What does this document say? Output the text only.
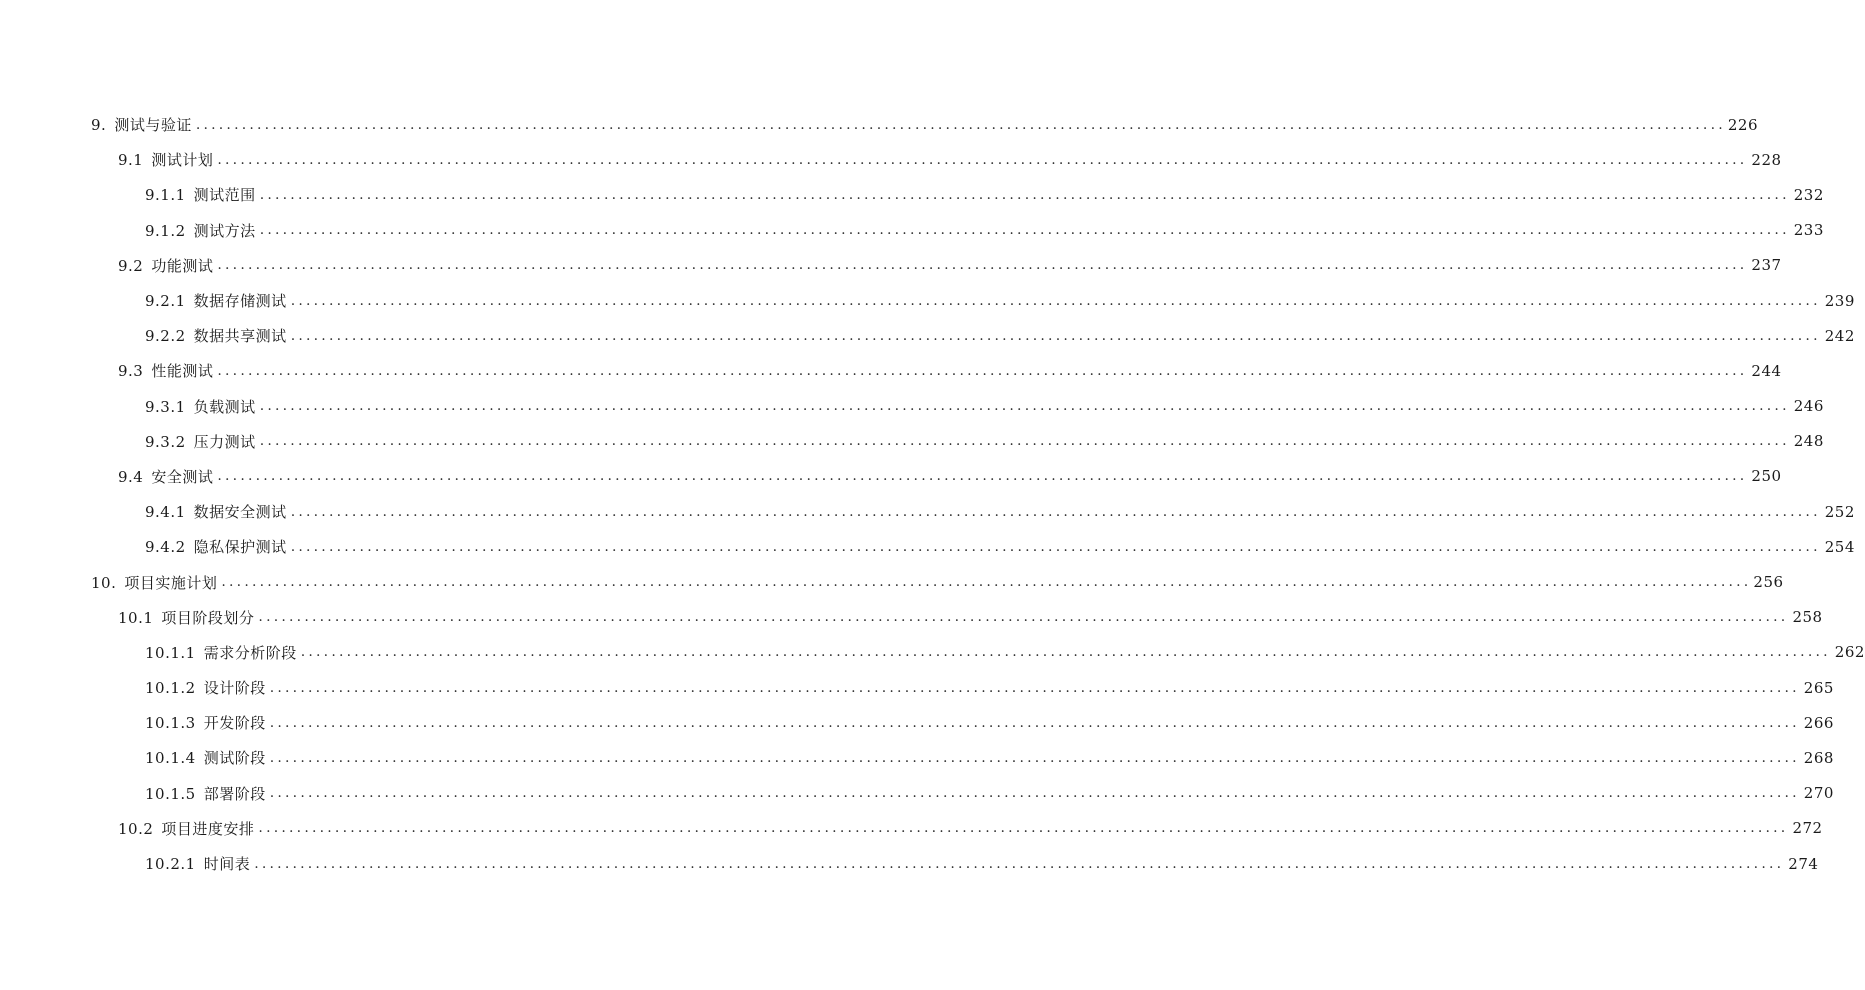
9. 测试与验证 ........................................................................................................................................................................................................ 226
9.1 测试计划 ........................................................................................................................................................................................................ 228
9.1.1 测试范围 ........................................................................................................................................................................................................ 232
9.1.2 测试方法 ........................................................................................................................................................................................................ 233
9.2 功能测试 ........................................................................................................................................................................................................ 237
9.2.1 数据存储测试 ........................................................................................................................................................................................................ 239
9.2.2 数据共享测试 ........................................................................................................................................................................................................ 242
9.3 性能测试 ........................................................................................................................................................................................................ 244
9.3.1 负载测试 ........................................................................................................................................................................................................ 246
9.3.2 压力测试 ........................................................................................................................................................................................................ 248
9.4 安全测试 ........................................................................................................................................................................................................ 250
9.4.1 数据安全测试 ........................................................................................................................................................................................................ 252
9.4.2 隐私保护测试 ........................................................................................................................................................................................................ 254
10. 项目实施计划 ........................................................................................................................................................................................................ 256
10.1 项目阶段划分 ........................................................................................................................................................................................................ 258
10.1.1 需求分析阶段 ........................................................................................................................................................................................................ 262
10.1.2 设计阶段 ........................................................................................................................................................................................................ 265
10.1.3 开发阶段 ........................................................................................................................................................................................................ 266
10.1.4 测试阶段 ........................................................................................................................................................................................................ 268
10.1.5 部署阶段 ........................................................................................................................................................................................................ 270
10.2 项目进度安排 ........................................................................................................................................................................................................ 272
10.2.1 时间表 ........................................................................................................................................................................................................ 274
